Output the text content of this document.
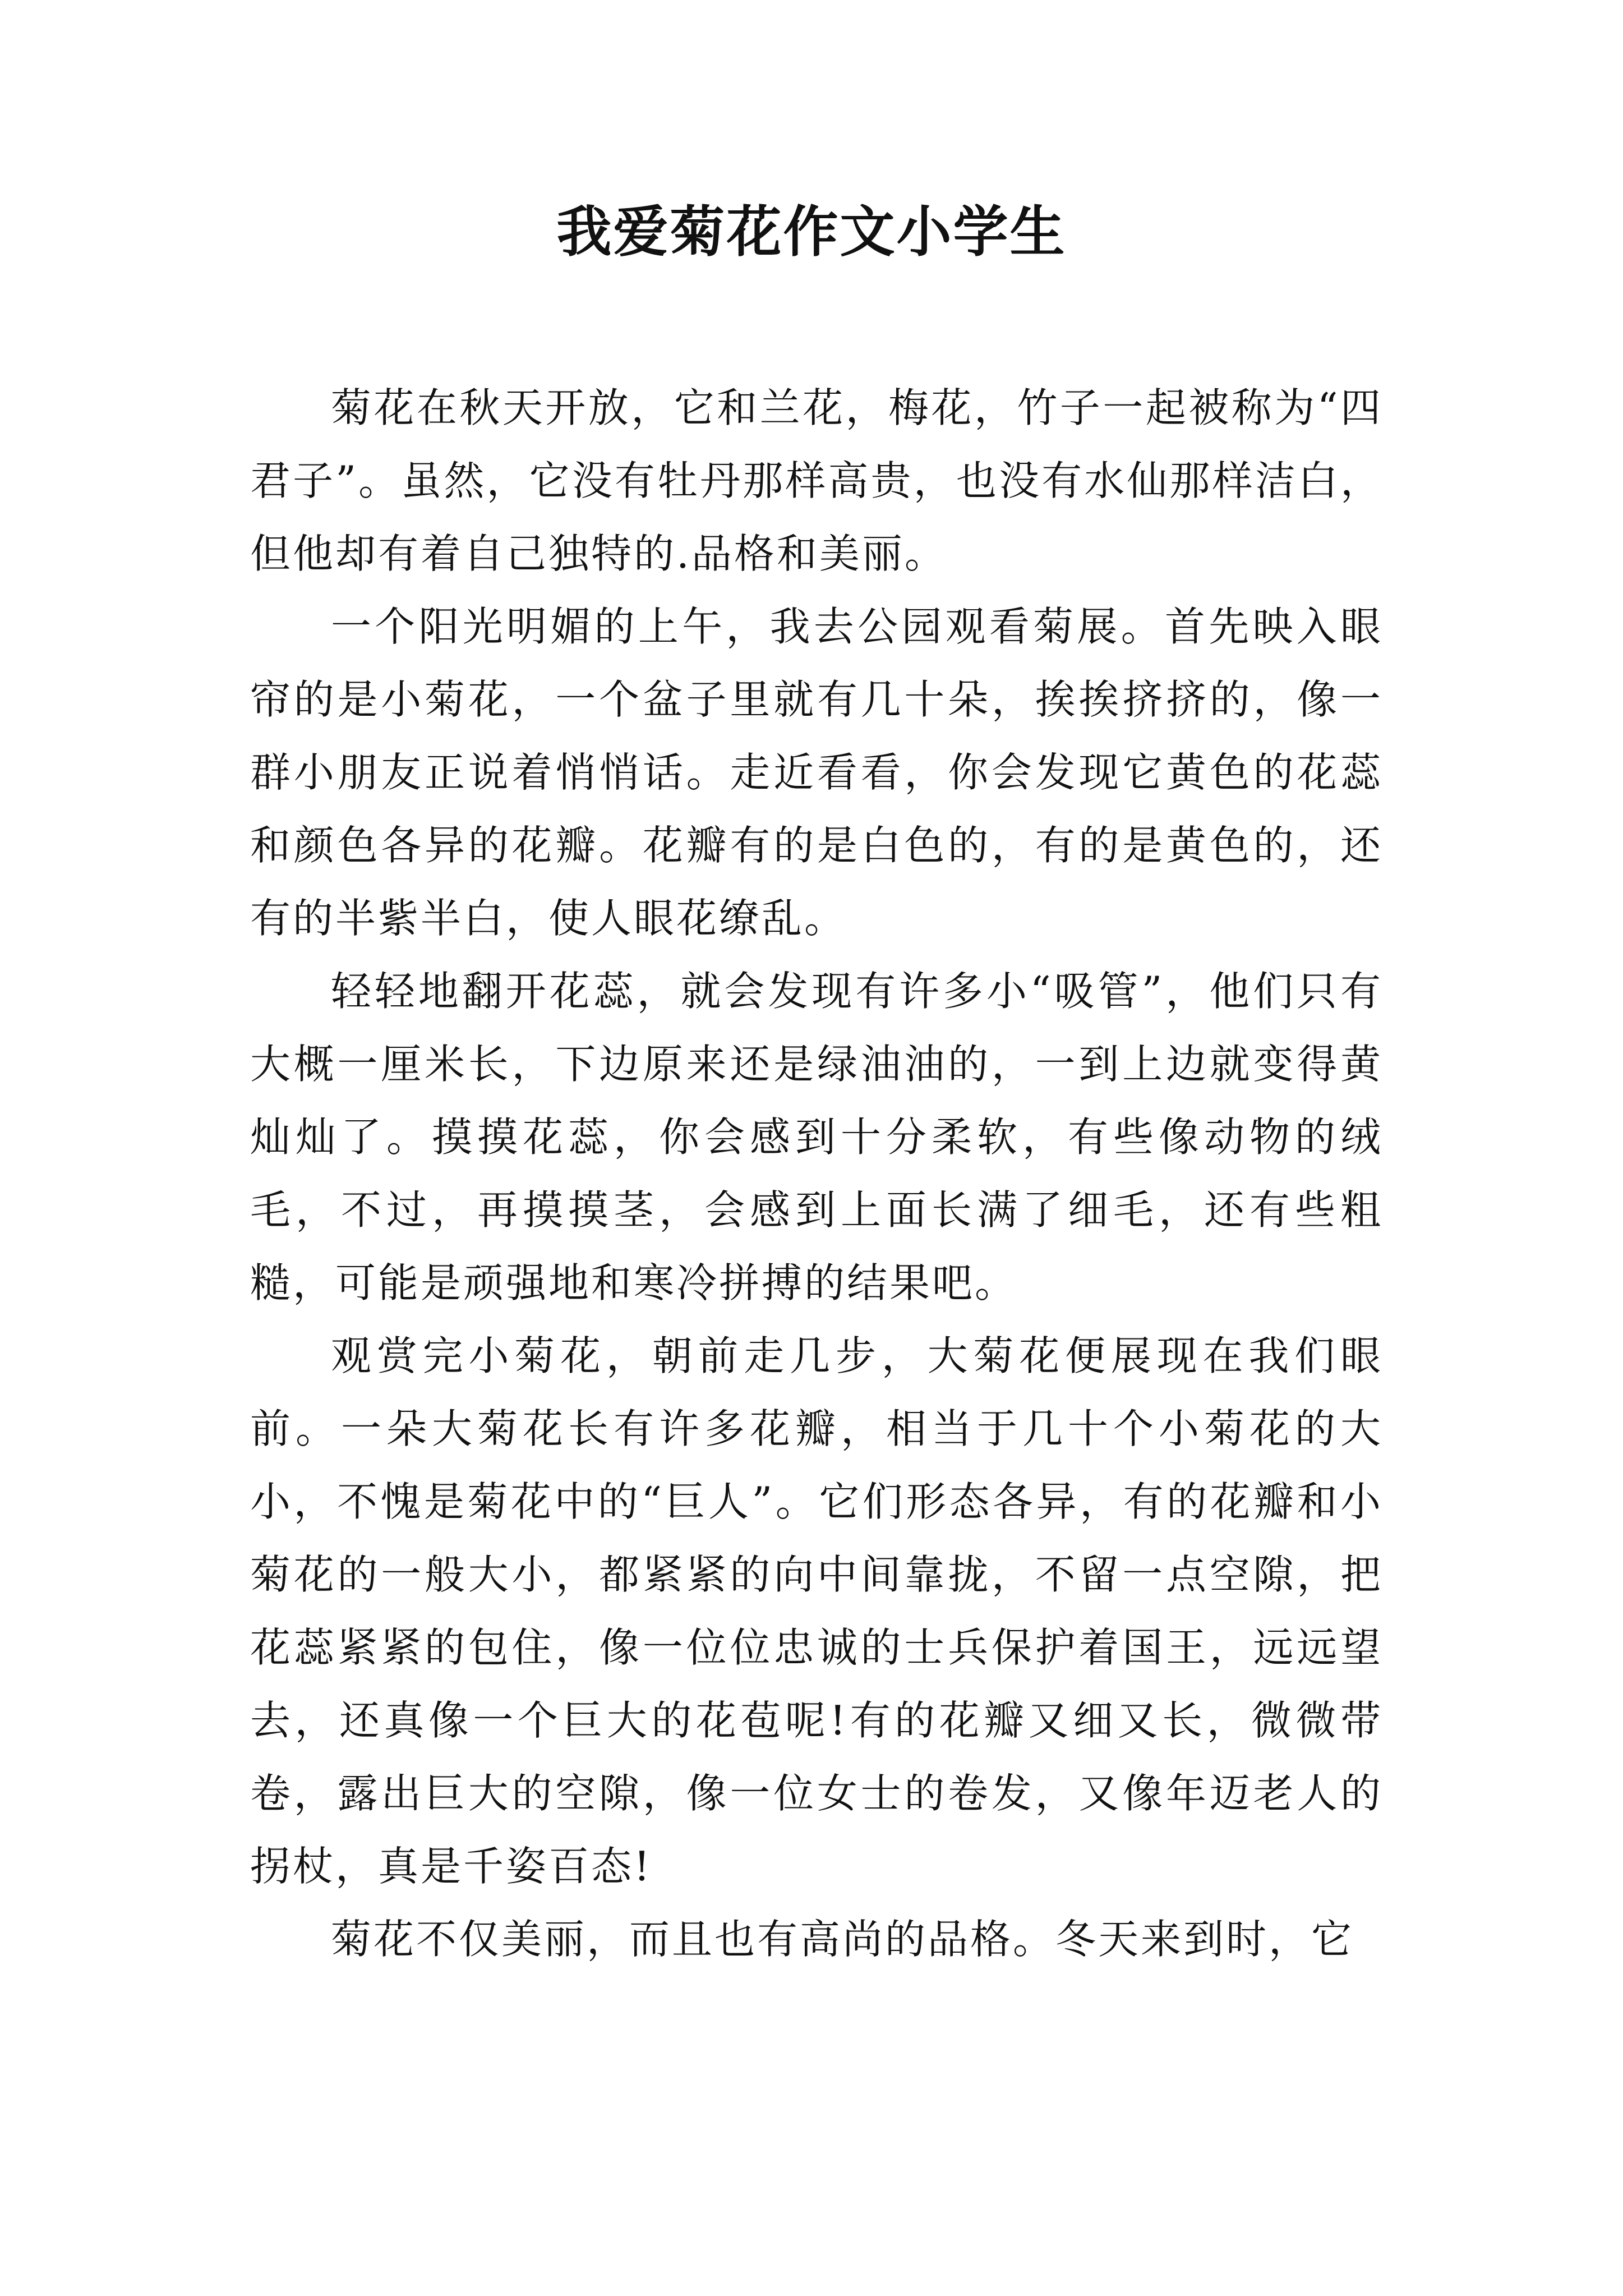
我爱菊花作文小学生

菊花在秋天开放，它和兰花，梅花，竹子一起被称为“四君子”。虽然，它没有牡丹那样高贵，也没有水仙那样洁白，但他却有着自己独特的.品格和美丽。

一个阳光明媚的上午，我去公园观看菊展。首先映入眼帘的是小菊花，一个盆子里就有几十朵，挨挨挤挤的，像一群小朋友正说着悄悄话。走近看看，你会发现它黄色的花蕊和颜色各异的花瓣。花瓣有的是白色的，有的是黄色的，还有的半紫半白，使人眼花缭乱。

轻轻地翻开花蕊，就会发现有许多小“吸管”，他们只有大概一厘米长，下边原来还是绿油油的，一到上边就变得黄灿灿了。摸摸花蕊，你会感到十分柔软，有些像动物的绒毛，不过，再摸摸茎，会感到上面长满了细毛，还有些粗糙，可能是顽强地和寒冷拼搏的结果吧。

观赏完小菊花，朝前走几步，大菊花便展现在我们眼前。一朵大菊花长有许多花瓣，相当于几十个小菊花的大小，不愧是菊花中的“巨人”。它们形态各异，有的花瓣和小菊花的一般大小，都紧紧的向中间靠拢，不留一点空隙，把花蕊紧紧的包住，像一位位忠诚的士兵保护着国王，远远望去，还真像一个巨大的花苞呢!有的花瓣又细又长，微微带卷，露出巨大的空隙，像一位女士的卷发，又像年迈老人的拐杖，真是千姿百态!

菊花不仅美丽，而且也有高尚的品格。冬天来到时，它
